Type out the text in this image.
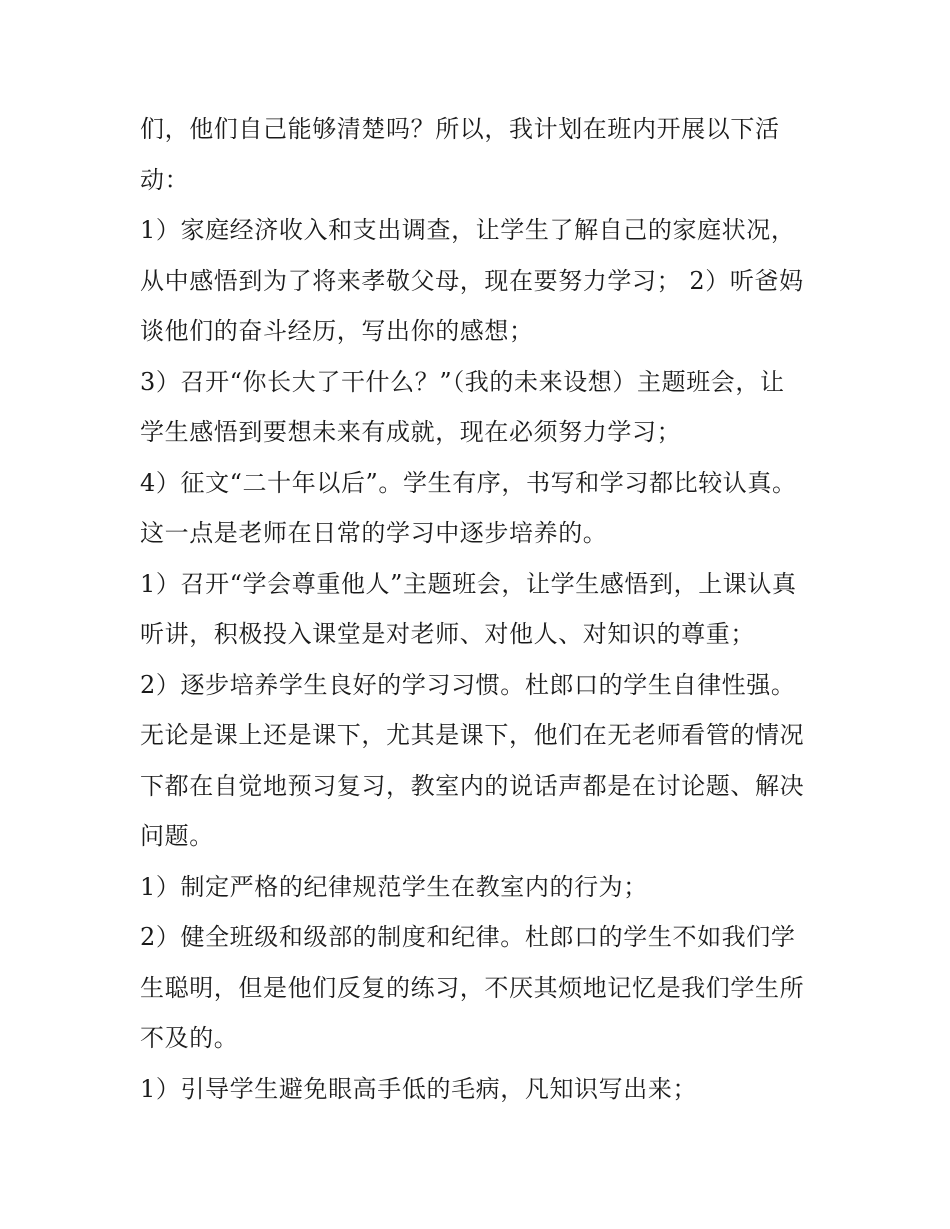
们，他们自己能够清楚吗？所以，我计划在班内开展以下活
动：
1）家庭经济收入和支出调查，让学生了解自己的家庭状况，
从中感悟到为了将来孝敬父母，现在要努力学习； 2）听爸妈
谈他们的奋斗经历，写出你的感想；
3）召开“你长大了干什么？”（我的未来设想）主题班会，让
学生感悟到要想未来有成就，现在必须努力学习；
4）征文“二十年以后”。学生有序，书写和学习都比较认真。
这一点是老师在日常的学习中逐步培养的。
1）召开“学会尊重他人”主题班会，让学生感悟到，上课认真
听讲，积极投入课堂是对老师、对他人、对知识的尊重；
2）逐步培养学生良好的学习习惯。杜郎口的学生自律性强。
无论是课上还是课下，尤其是课下，他们在无老师看管的情况
下都在自觉地预习复习，教室内的说话声都是在讨论题、解决
问题。
1）制定严格的纪律规范学生在教室内的行为；
2）健全班级和级部的制度和纪律。杜郎口的学生不如我们学
生聪明，但是他们反复的练习，不厌其烦地记忆是我们学生所
不及的。
1）引导学生避免眼高手低的毛病，凡知识写出来；
